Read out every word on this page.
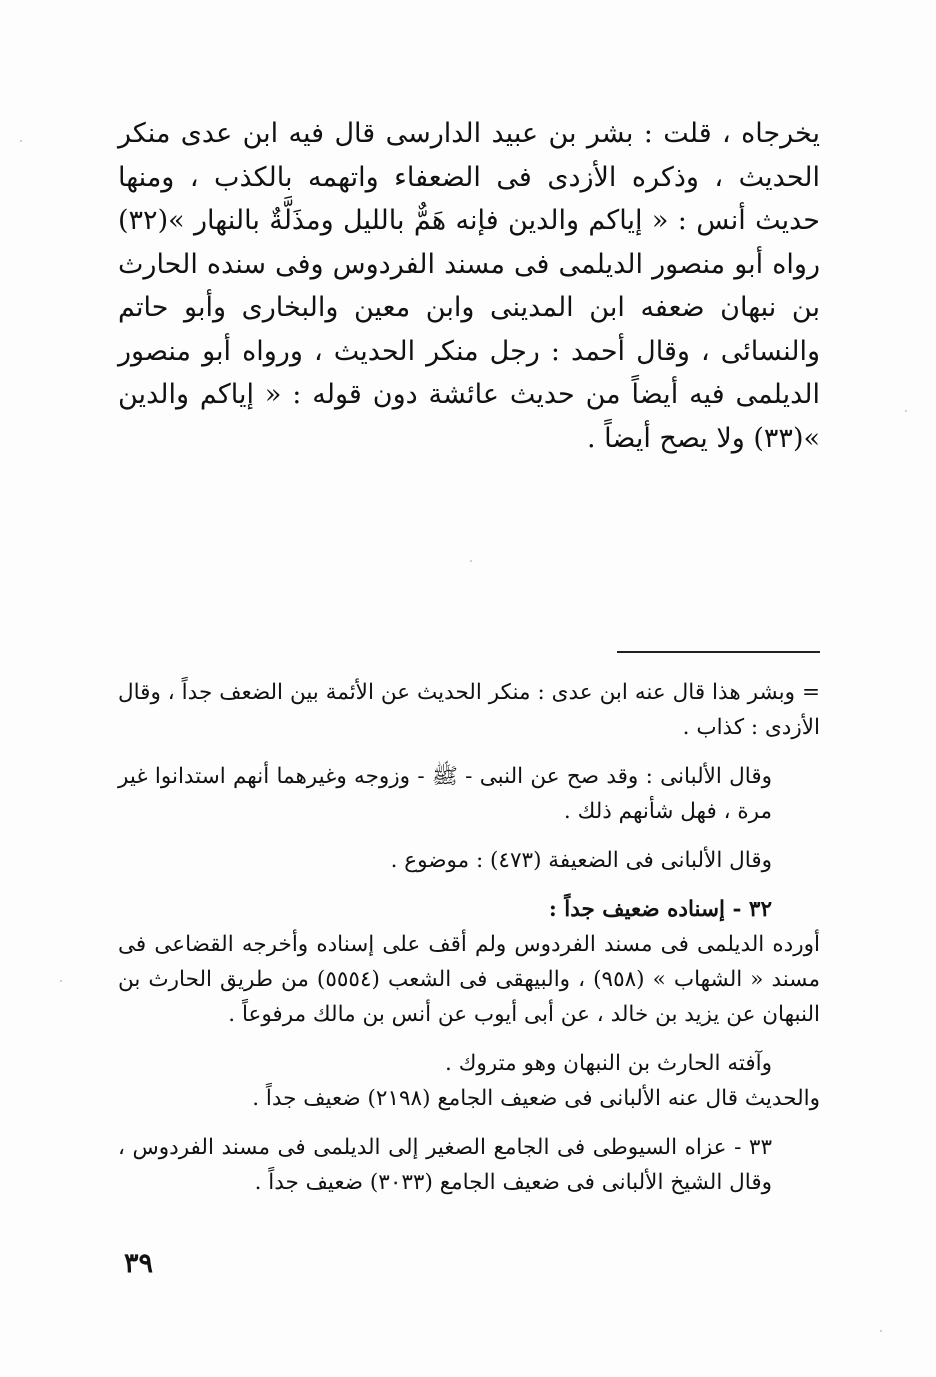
يخرجاه ، قلت : بشر بن عبيد الدارسى قال فيه ابن عدى منكر الحديث ، وذكره الأزدى فى الضعفاء واتهمه بالكذب ، ومنها حديث أنس : « إياكم والدين فإنه هَمٌّ بالليل ومذَلَّةٌ بالنهار »(٣٢) رواه أبو منصور الديلمى فى مسند الفردوس وفى سنده الحارث بن نبهان ضعفه ابن المدينى وابن معين والبخارى وأبو حاتم والنسائى ، وقال أحمد : رجل منكر الحديث ، ورواه أبو منصور الديلمى فيه أيضاً من حديث عائشة دون قوله : « إياكم والدين »(٣٣) ولا يصح أيضاً .

= وبشر هذا قال عنه ابن عدى : منكر الحديث عن الأئمة بين الضعف جداً ، وقال الأزدى : كذاب .

وقال الألبانى : وقد صح عن النبى - ﷺ - وزوجه وغيرهما أنهم استدانوا غير مرة ، فهل شأنهم ذلك .

وقال الألبانى فى الضعيفة (٤٧٣) : موضوع .

٣٢ - إسناده ضعيف جداً :

أورده الديلمى فى مسند الفردوس ولم أقف على إسناده وأخرجه القضاعى فى مسند « الشهاب » (٩٥٨) ، والبيهقى فى الشعب (٥٥٥٤) من طريق الحارث بن النبهان عن يزيد بن خالد ، عن أبى أيوب عن أنس بن مالك مرفوعاً .

وآفته الحارث بن النبهان وهو متروك .

والحديث قال عنه الألبانى فى ضعيف الجامع (٢١٩٨) ضعيف جداً .

٣٣ - عزاه السيوطى فى الجامع الصغير إلى الديلمى فى مسند الفردوس ، وقال الشيخ الألبانى فى ضعيف الجامع (٣٠٣٣) ضعيف جداً .

٣٩
